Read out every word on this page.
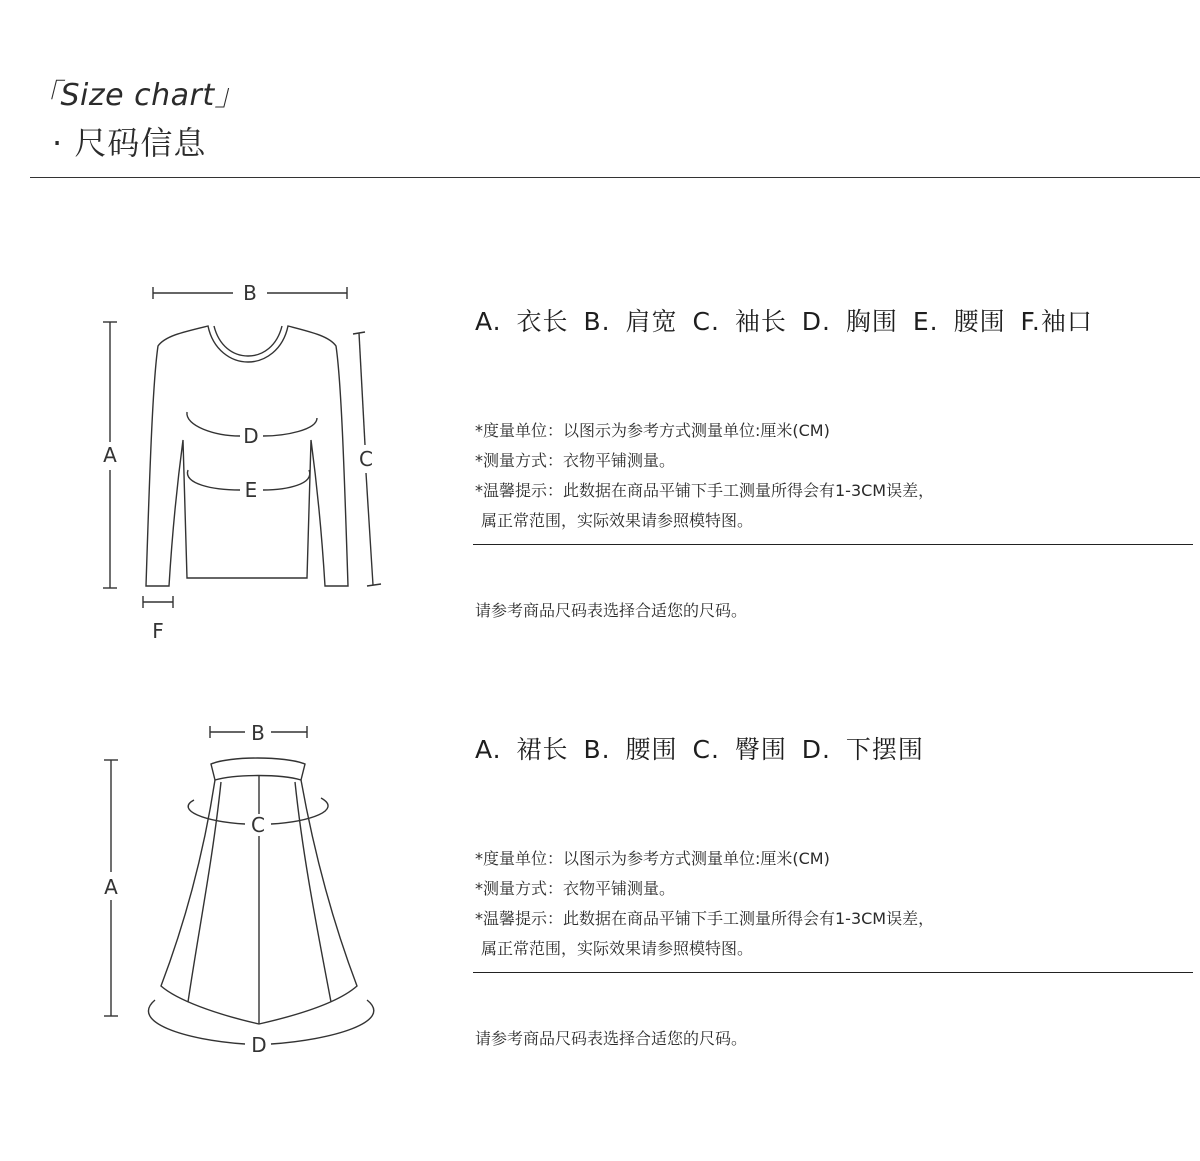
「Size chart」
· 尺码信息
B
A	C
D
E
F
A. 衣长 B. 肩宽 C. 袖长 D. 胸围 E. 腰围 F.袖口
*度量单位：以图示为参考方式测量单位:厘米(CM)
*测量方式：衣物平铺测量。
*温馨提示：此数据在商品平铺下手工测量所得会有1-3CM误差，
属正常范围，实际效果请参照模特图。
请参考商品尺码表选择合适您的尺码。
B
A
C
D
A. 裙长 B. 腰围 C. 臀围 D. 下摆围
*度量单位：以图示为参考方式测量单位:厘米(CM)
*测量方式：衣物平铺测量。
*温馨提示：此数据在商品平铺下手工测量所得会有1-3CM误差，
属正常范围，实际效果请参照模特图。
请参考商品尺码表选择合适您的尺码。
